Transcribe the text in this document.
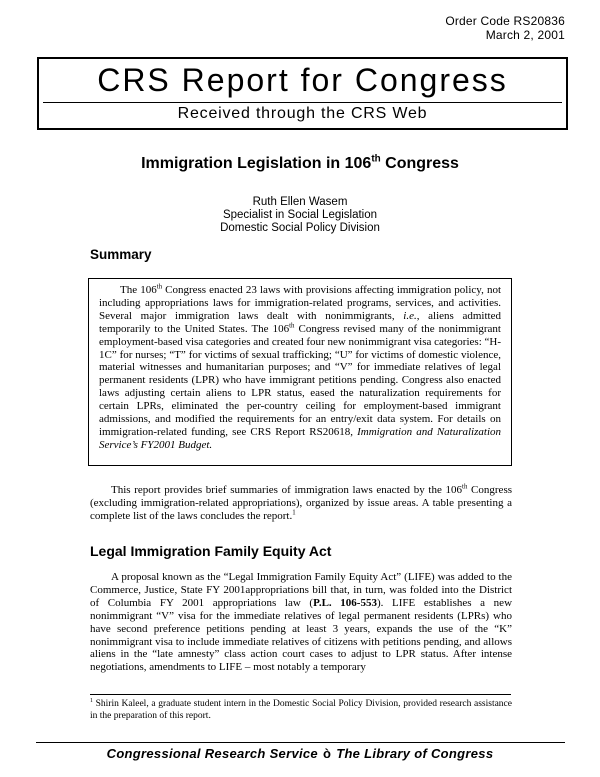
Order Code RS20836
March 2, 2001
CRS Report for Congress
Received through the CRS Web
Immigration Legislation in 106th Congress
Ruth Ellen Wasem
Specialist in Social Legislation
Domestic Social Policy Division
Summary

The 106th Congress enacted 23 laws with provisions affecting immigration policy, not including appropriations laws for immigration-related programs, services, and activities. Several major immigration laws dealt with nonimmigrants, i.e., aliens admitted temporarily to the United States. The 106th Congress revised many of the nonimmigrant employment-based visa categories and created four new nonimmigrant visa categories: “H-1C” for nurses; “T” for victims of sexual trafficking; “U” for victims of domestic violence, material witnesses and humanitarian purposes; and “V” for immediate relatives of legal permanent residents (LPR) who have immigrant petitions pending. Congress also enacted laws adjusting certain aliens to LPR status, eased the naturalization requirements for certain LPRs, eliminated the per-country ceiling for employment-based immigrant admissions, and modified the requirements for an entry/exit data system. For details on immigration-related funding, see CRS Report RS20618, Immigration and Naturalization Service’s FY2001 Budget.

This report provides brief summaries of immigration laws enacted by the 106th Congress (excluding immigration-related appropriations), organized by issue areas. A table presenting a complete list of the laws concludes the report.$^1$

Legal Immigration Family Equity Act

A proposal known as the “Legal Immigration Family Equity Act” (LIFE) was added to the Commerce, Justice, State FY 2001appropriations bill that, in turn, was folded into the District of Columbia FY 2001 appropriations law (P.L. 106-553). LIFE establishes a new nonimmigrant “V” visa for the immediate relatives of legal permanent residents (LPRs) who have second preference petitions pending at least 3 years, expands the use of the “K” nonimmigrant visa to include immediate relatives of citizens with petitions pending, and allows aliens in the “late amnesty” class action court cases to adjust to LPR status. After intense negotiations, amendments to LIFE – most notably a temporary

$^1$ Shirin Kaleel, a graduate student intern in the Domestic Social Policy Division, provided research assistance in the preparation of this report.

Congressional Research Service ò The Library of Congress
